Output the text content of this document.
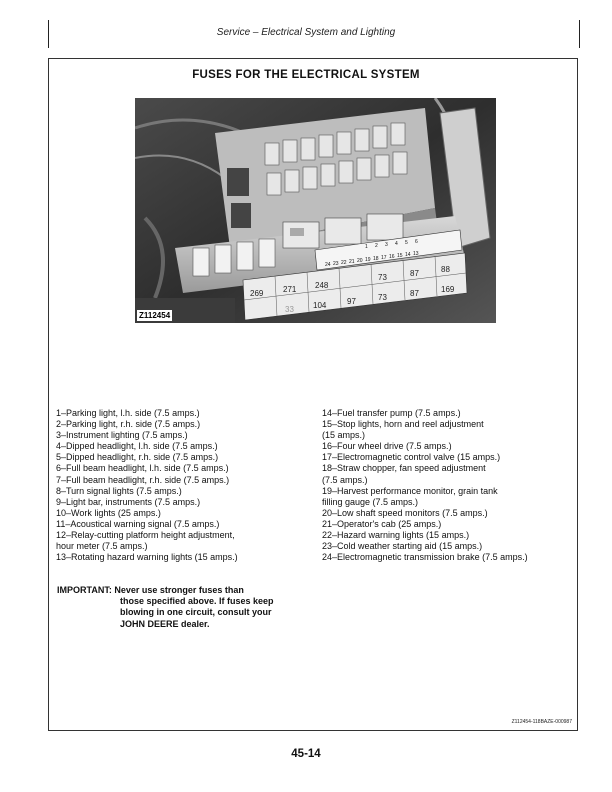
Service – Electrical System and Lighting
FUSES FOR THE ELECTRICAL SYSTEM
24 23 22 21 20 19 18 17 16 15 14 13
1 2 3 4 5 6
269 271 248
73	87	88
33 104	97	73	87	169
Z112454
1–Parking light, l.h. side (7.5 amps.)
2–Parking light, r.h. side (7.5 amps.)
3–Instrument lighting (7.5 amps.)
4–Dipped headlight, l.h. side (7.5 amps.)
5–Dipped headlight, r.h. side (7.5 amps.)
6–Full beam headlight, l.h. side (7.5 amps.)
7–Full beam headlight, r.h. side (7.5 amps.)
8–Turn signal lights (7.5 amps.)
9–Light bar, instruments (7.5 amps.)
10–Work lights (25 amps.)
11–Acoustical warning signal (7.5 amps.)
12–Relay-cutting platform height adjustment,
hour meter (7.5 amps.)
13–Rotating hazard warning lights (15 amps.)
14–Fuel transfer pump (7.5 amps.)
15–Stop lights, horn and reel adjustment
(15 amps.)
16–Four wheel drive (7.5 amps.)
17–Electromagnetic control valve (15 amps.)
18–Straw chopper, fan speed adjustment
(7.5 amps.)
19–Harvest performance monitor, grain tank
filling gauge (7.5 amps.)
20–Low shaft speed monitors (7.5 amps.)
21–Operator's cab (25 amps.)
22–Hazard warning lights (15 amps.)
23–Cold weather starting aid (15 amps.)
24–Electromagnetic transmission brake (7.5 amps.)
IMPORTANT: Never use stronger fuses than
those specified above. If fuses keep
blowing in one circuit, consult your
JOHN DEERE dealer.
Z112454-118BAZE-000987
45-14
